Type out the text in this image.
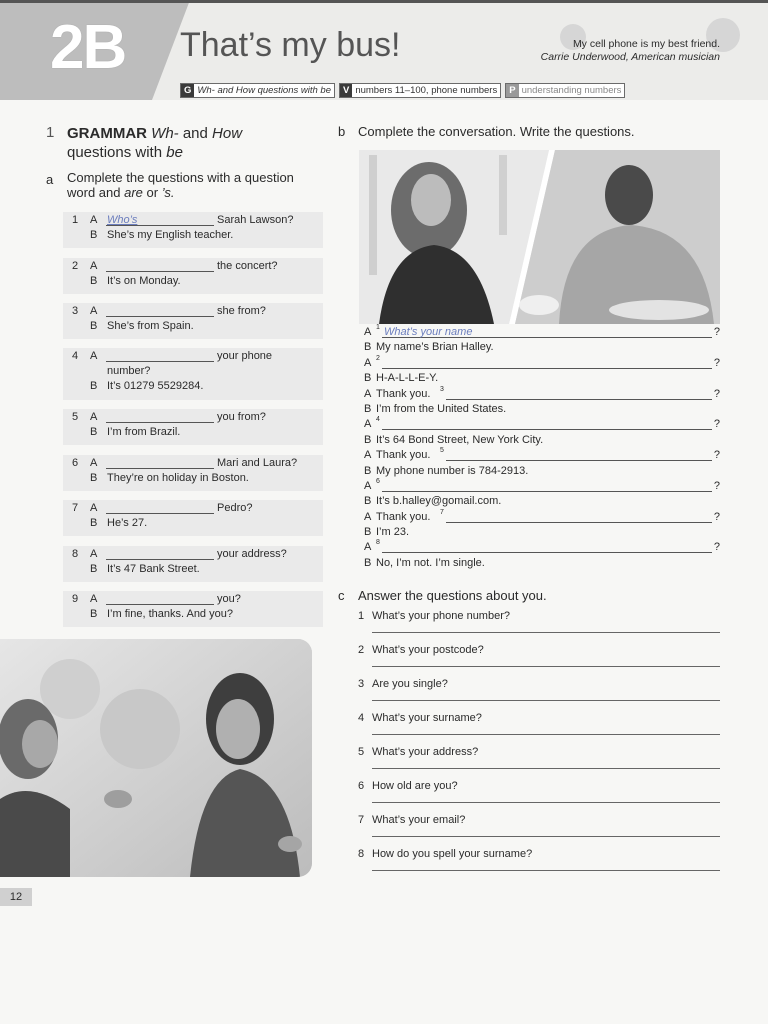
2B That’s my bus!	My cell phone is my best friend.
Carrie Underwood, American musician
G Wh- and How questions with be	V numbers 11–100, phone numbers	P understanding numbers
1 GRAMMAR Wh- and How
questions with be
a Complete the questions with a question
word and are or ’s.
1 A Who’s	Sarah Lawson?
B She’s my English teacher.
2 A	the concert?
B It’s on Monday.
3 A	she from?
B She’s from Spain.
4 A	your phone
number?
B It’s 01279 5529284.
5 A	you from?
B I’m from Brazil.
6 A	Mari and Laura?
B They’re on holiday in Boston.
7 A	Pedro?
B He’s 27.
8 A	your address?
B It’s 47 Bank Street.
9 A	you?
B I’m fine, thanks. And you?
12
b Complete the conversation. Write the questions.
A 1 What’s your name	?
B My name’s Brian Halley.
A 2	?
B H-A-L-L-E-Y.
A Thank you. 3	?
B I’m from the United States.
A 4	?
B It’s 64 Bond Street, New York City.
A Thank you. 5	?
B My phone number is 784-2913.
A 6	?
B It’s b.halley@gomail.com.
A Thank you. 7	?
B I’m 23.
A 8	?
B No, I’m not. I’m single.
c Answer the questions about you.
1 What’s your phone number?
2 What’s your postcode?
3 Are you single?
4 What’s your surname?
5 What’s your address?
6 How old are you?
7 What’s your email?
8 How do you spell your surname?
